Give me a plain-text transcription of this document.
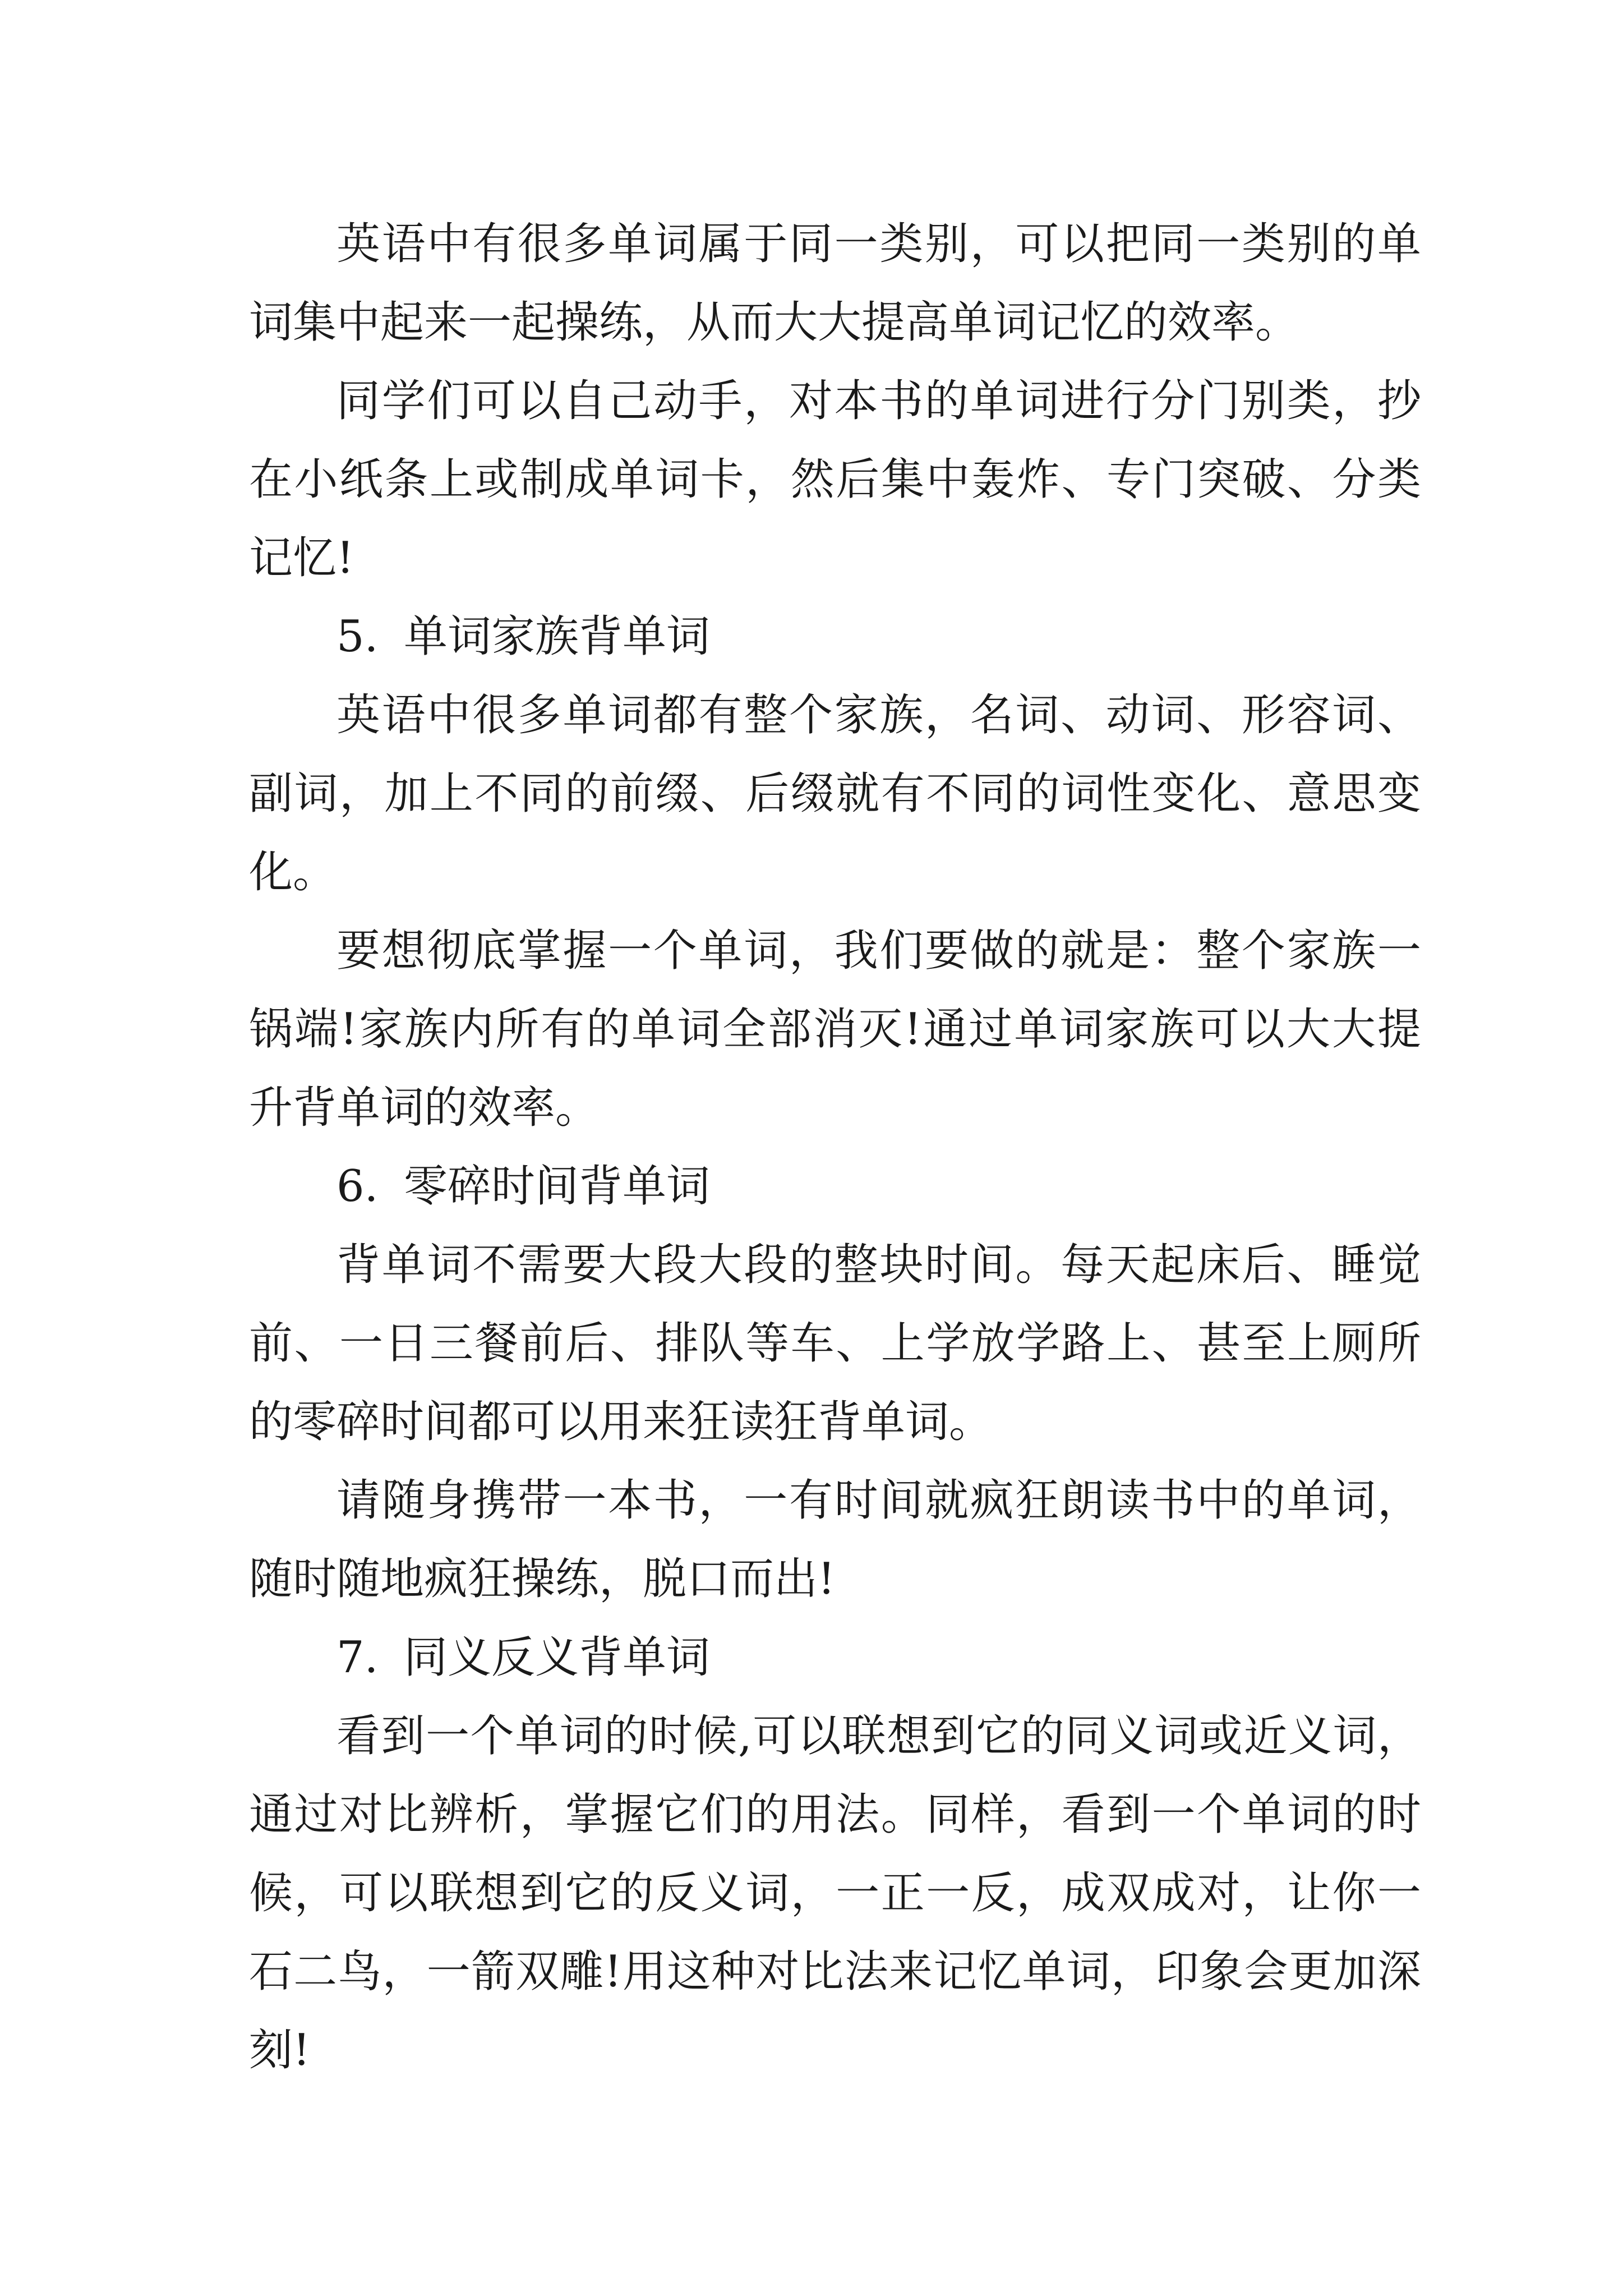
英语中有很多单词属于同一类别，可以把同一类别的单词集中起来一起操练，从而大大提高单词记忆的效率。

同学们可以自己动手，对本书的单词进行分门别类，抄在小纸条上或制成单词卡，然后集中轰炸、专门突破、分类记忆!

5. 单词家族背单词

英语中很多单词都有整个家族，名词、动词、形容词、副词，加上不同的前缀、后缀就有不同的词性变化、意思变化。

要想彻底掌握一个单词，我们要做的就是：整个家族一锅端!家族内所有的单词全部消灭!通过单词家族可以大大提升背单词的效率。

6. 零碎时间背单词

背单词不需要大段大段的整块时间。每天起床后、睡觉前、一日三餐前后、排队等车、上学放学路上、甚至上厕所的零碎时间都可以用来狂读狂背单词。

请随身携带一本书，一有时间就疯狂朗读书中的单词，随时随地疯狂操练，脱口而出!

7. 同义反义背单词

看到一个单词的时候,可以联想到它的同义词或近义词，通过对比辨析，掌握它们的用法。同样，看到一个单词的时候，可以联想到它的反义词，一正一反，成双成对，让你一石二鸟，一箭双雕!用这种对比法来记忆单词，印象会更加深刻!
